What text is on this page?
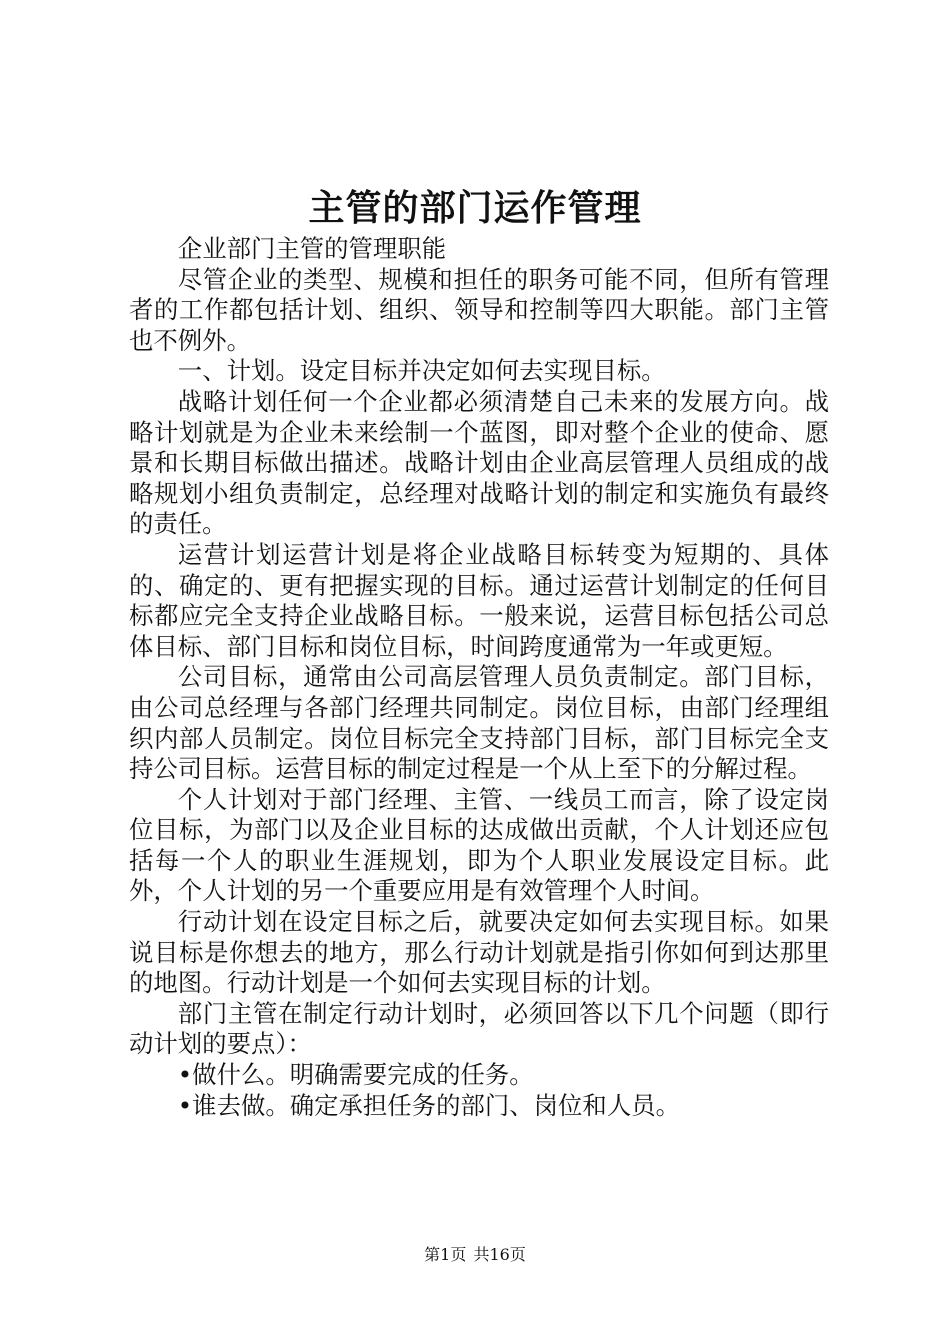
主管的部门运作管理

企业部门主管的管理职能

尽管企业的类型、规模和担任的职务可能不同，但所有管理者的工作都包括计划、组织、领导和控制等四大职能。部门主管也不例外。

一、计划。设定目标并决定如何去实现目标。

战略计划任何一个企业都必须清楚自己未来的发展方向。战略计划就是为企业未来绘制一个蓝图，即对整个企业的使命、愿景和长期目标做出描述。战略计划由企业高层管理人员组成的战略规划小组负责制定，总经理对战略计划的制定和实施负有最终的责任。

运营计划运营计划是将企业战略目标转变为短期的、具体的、确定的、更有把握实现的目标。通过运营计划制定的任何目标都应完全支持企业战略目标。一般来说，运营目标包括公司总体目标、部门目标和岗位目标，时间跨度通常为一年或更短。

公司目标，通常由公司高层管理人员负责制定。部门目标，由公司总经理与各部门经理共同制定。岗位目标，由部门经理组织内部人员制定。岗位目标完全支持部门目标，部门目标完全支持公司目标。运营目标的制定过程是一个从上至下的分解过程。

个人计划对于部门经理、主管、一线员工而言，除了设定岗位目标，为部门以及企业目标的达成做出贡献，个人计划还应包括每一个人的职业生涯规划，即为个人职业发展设定目标。此外，个人计划的另一个重要应用是有效管理个人时间。

行动计划在设定目标之后，就要决定如何去实现目标。如果说目标是你想去的地方，那么行动计划就是指引你如何到达那里的地图。行动计划是一个如何去实现目标的计划。

部门主管在制定行动计划时，必须回答以下几个问题（即行动计划的要点）：

•做什么。明确需要完成的任务。

•谁去做。确定承担任务的部门、岗位和人员。

第1页 共16页
